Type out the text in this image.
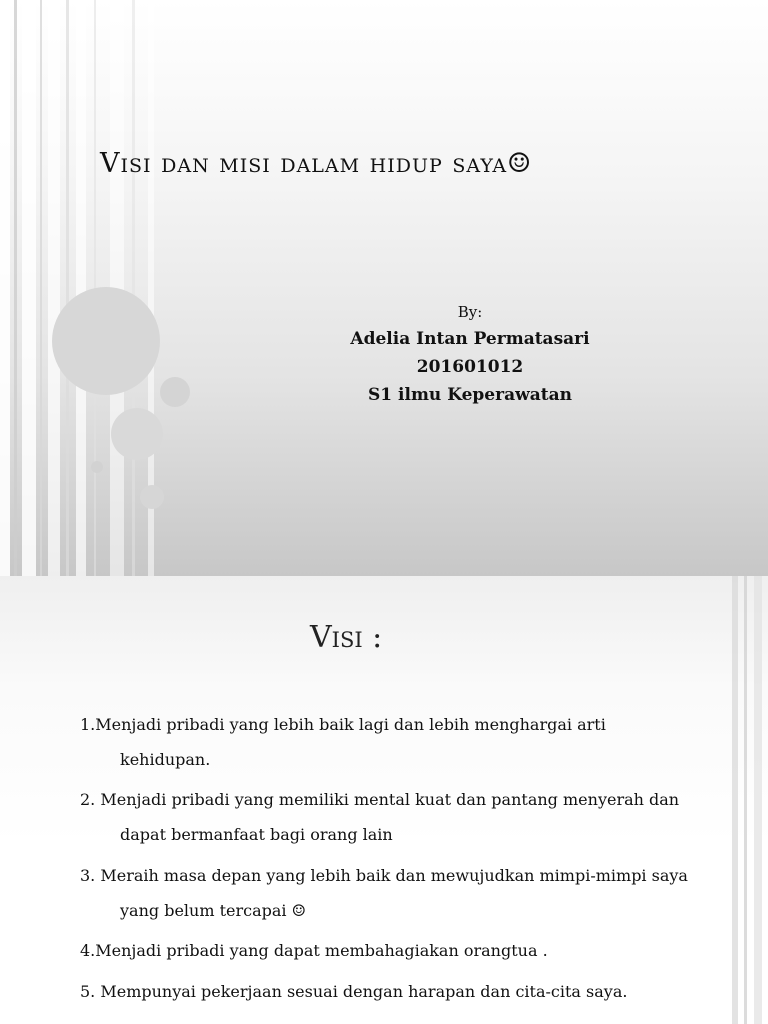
Visi dan misi dalam hidup saya☺
By:
Adelia Intan Permatasari
201601012
S1 ilmu Keperawatan
Visi :
1.Menjadi pribadi yang lebih baik lagi dan lebih menghargai arti
kehidupan.
2. Menjadi pribadi yang memiliki mental kuat dan pantang menyerah dan
dapat bermanfaat bagi orang lain
3. Meraih masa depan yang lebih baik dan mewujudkan mimpi-mimpi saya
yang belum tercapai ☺
4.Menjadi pribadi yang dapat membahagiakan orangtua .
5. Mempunyai pekerjaan sesuai dengan harapan dan cita-cita saya.
